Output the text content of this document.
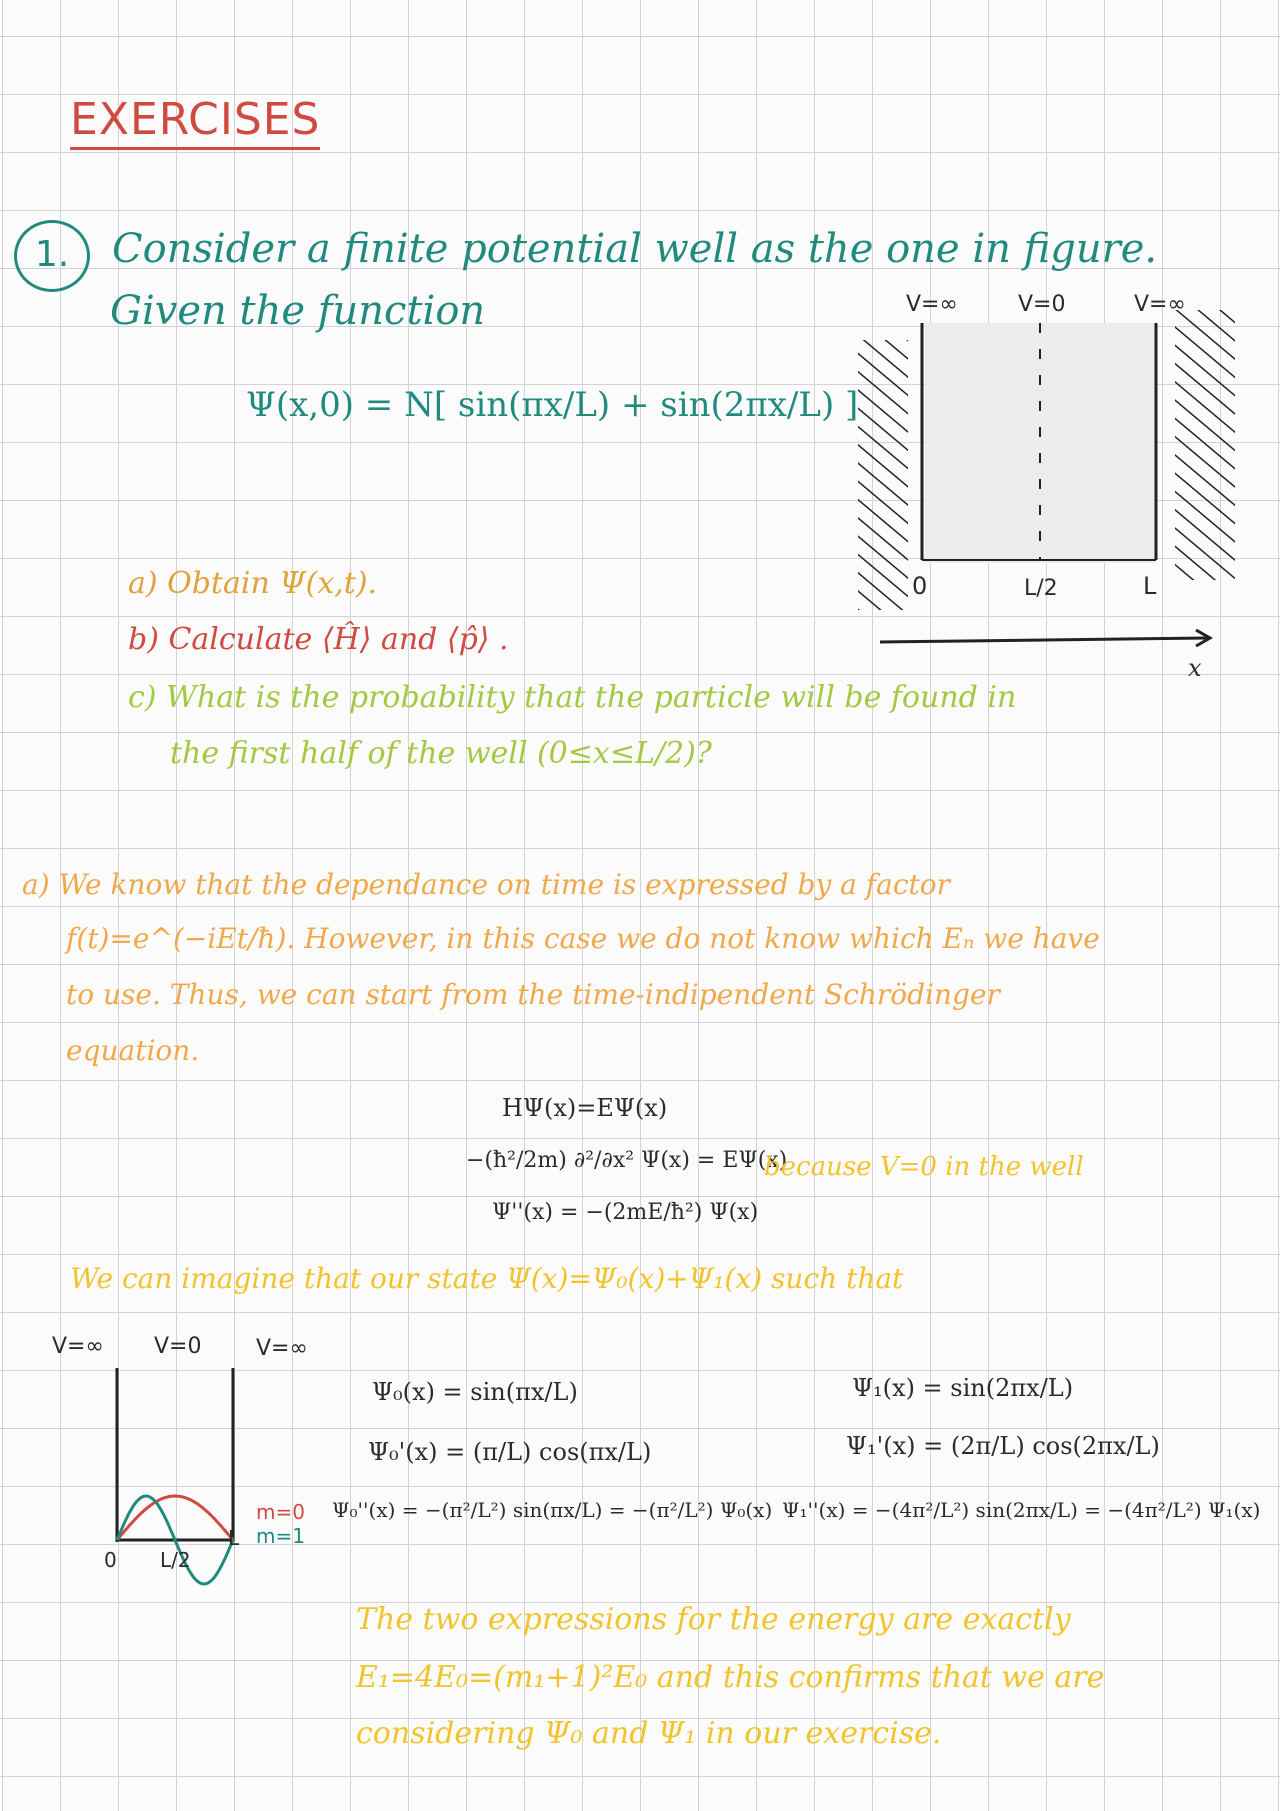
EXERCISES
1.	Consider a finite potential well as the one in figure.
Given the function
Ψ(x,0) = N[ sin(πx/L) + sin(2πx/L) ]
a) Obtain Ψ(x,t).
b) Calculate ⟨Ĥ⟩ and ⟨p̂⟩ .
c) What is the probability that the particle will be found in
the first half of the well (0≤x≤L/2)?
V=∞	V=0	V=∞
0	L/2	L
x
a) We know that the dependance on time is expressed by a factor
f(t)=e^(−iEt/ħ). However, in this case we do not know which Eₙ we have
to use. Thus, we can start from the time-indipendent Schrödinger
equation.
HΨ(x)=EΨ(x)
−(ħ²/2m) ∂²/∂x² Ψ(x) = EΨ(x)
Ψ''(x) = −(2mE/ħ²) Ψ(x)
because V=0 in the well
We can imagine that our state Ψ(x)=Ψ₀(x)+Ψ₁(x) such that
V=∞ V=0 V=∞
0 L/2
L
m=0
m=1
Ψ₀(x) = sin(πx/L)
Ψ₀'(x) = (π/L) cos(πx/L)
Ψ₀''(x) = −(π²/L²) sin(πx/L) = −(π²/L²) Ψ₀(x)
Ψ₁(x) = sin(2πx/L)
Ψ₁'(x) = (2π/L) cos(2πx/L)
Ψ₁''(x) = −(4π²/L²) sin(2πx/L) = −(4π²/L²) Ψ₁(x)
The two expressions for the energy are exactly
E₁=4E₀=(m₁+1)²E₀ and this confirms that we are
considering Ψ₀ and Ψ₁ in our exercise.
